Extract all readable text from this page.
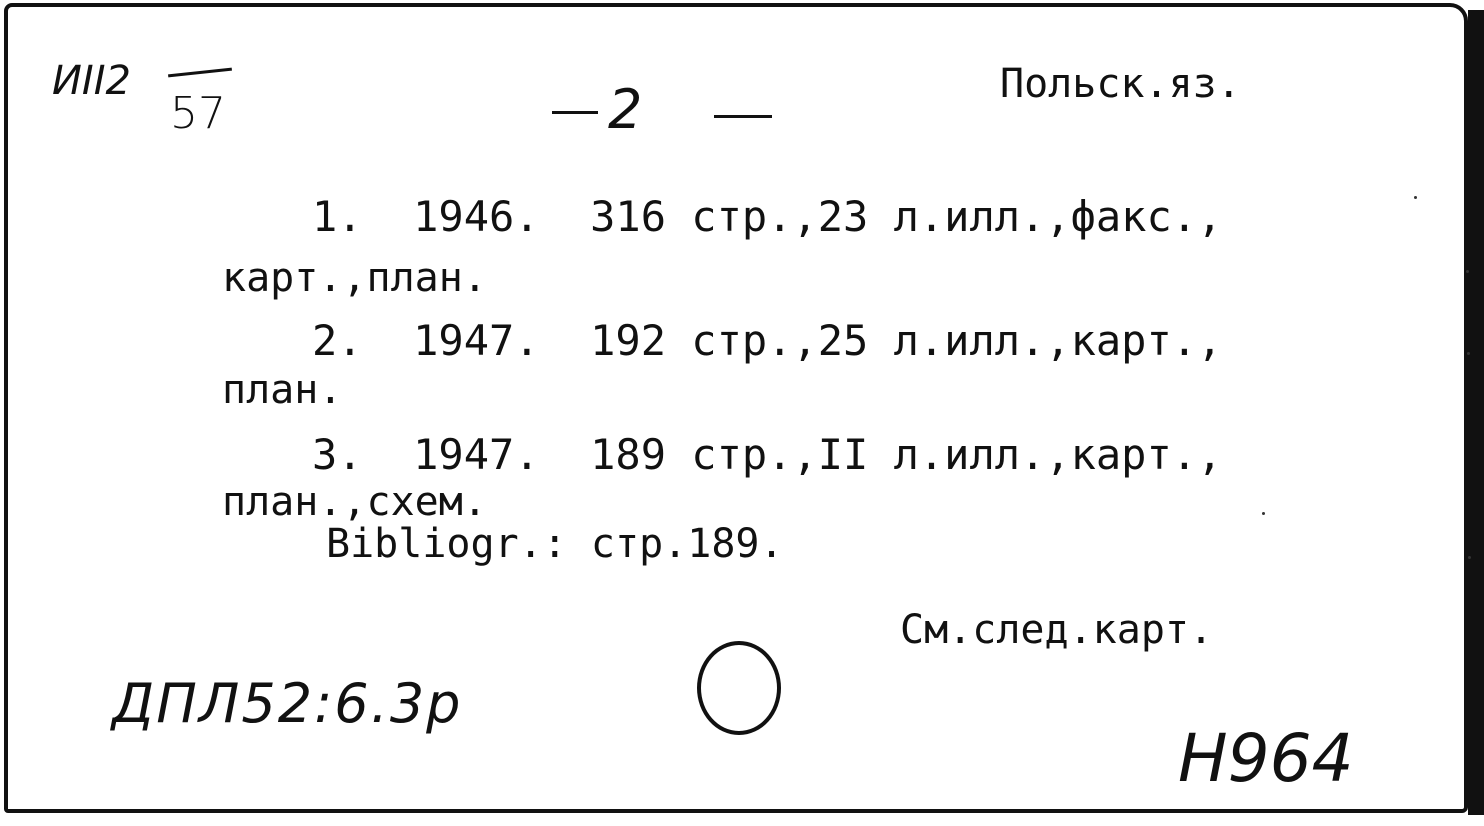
ИII2
57	2	Польск.яз.
1.  1946.  316 стр.,23 л.илл.,факс.,
карт.,план.
2.  1947.  192 стр.,25 л.илл.,карт.,
план.
3.  1947.  189 стр.,II л.илл.,карт.,
план.,схем.
Bibliogr.: стр.189.
См.след.карт.
ДПЛ52:6.3р
Н964
